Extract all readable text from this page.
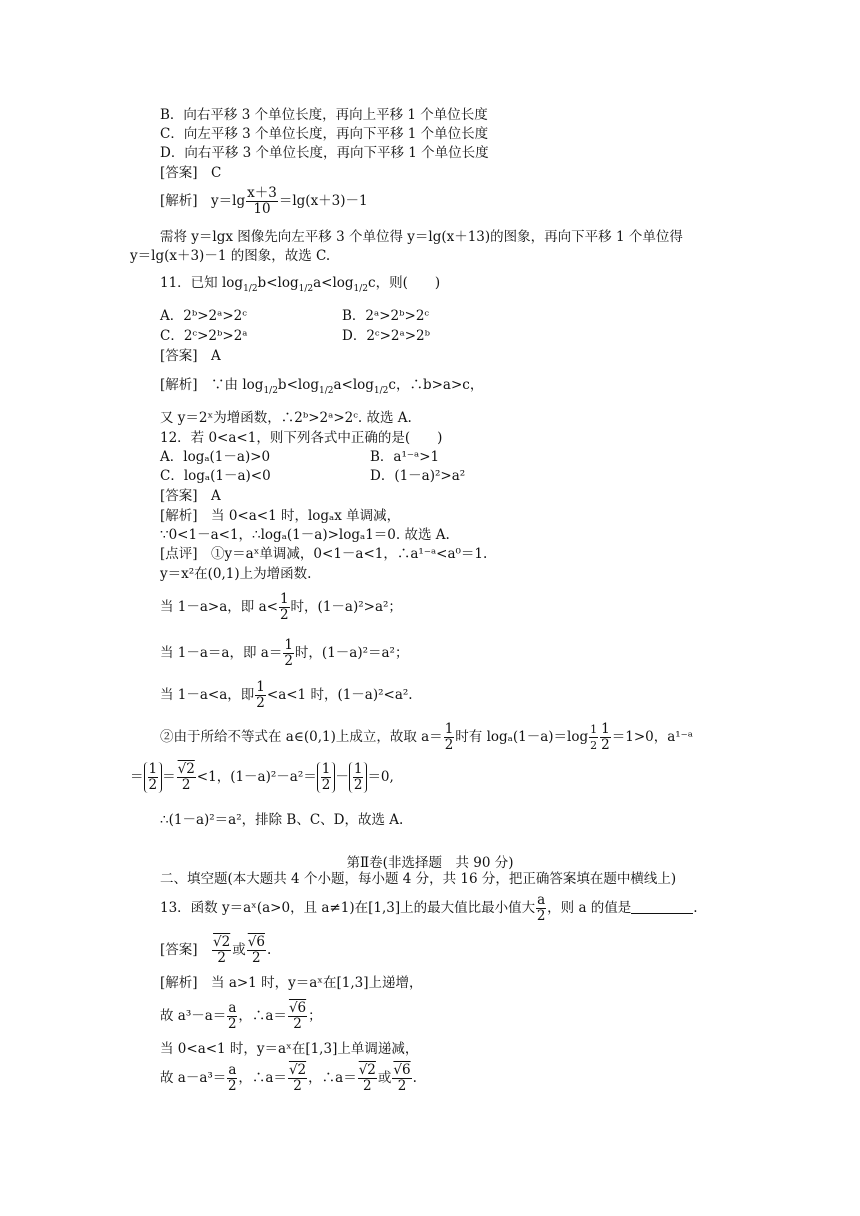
B．向右平移 3 个单位长度，再向上平移 1 个单位长度
C．向左平移 3 个单位长度，再向下平移 1 个单位长度
D．向右平移 3 个单位长度，再向下平移 1 个单位长度
[答案]　 C
[解析]　 $y=\lg \frac{x+3}{10} =\lg(x+3)-1$
需将 y＝lgx 图像先向左平移 3 个单位得 y＝lg(x＋13)的图象，再向下平移 1 个单位得
y＝lg(x＋3)－1 的图象，故选 C.
11．已知 $\log_{1/2}b<\log_{1/2}a<\log_{1/2}c$，则(　　)
A．2ᵇ>2ᵃ>2ᶜ	B．2ᵃ>2ᵇ>2ᶜ
C．2ᶜ>2ᵇ>2ᵃ	D．2ᶜ>2ᵃ>2ᵇ
[答案]　 A
[解析]　 ∵由 $\log_{1/2}b<\log_{1/2}a<\log_{1/2}c$，∴b>a>c，
又 y＝2ˣ为增函数，∴2ᵇ>2ᵃ>2ᶜ. 故选 A.
12．若 0<a<1，则下列各式中正确的是(　　)
A．logₐ(1－a)>0	B．a¹⁻ᵃ>1
C．logₐ(1－a)<0	D．(1－a)²>a²
[答案]　 A
[解析]　当 0<a<1 时，logₐx 单调减，
∵0<1－a<1，∴logₐ(1－a)>logₐ1＝0. 故选 A.
[点评]　①y＝aˣ单调减，0<1－a<1，∴a¹⁻ᵃ<a⁰＝1.
y＝x²在(0,1)上为增函数.
当 1－a>a，即 $a< \frac{1}{2}$ 时，(1－a)²>a²；
当 1－a＝a，即 $a= \frac{1}{2}$ 时，(1－a)²＝a²；
当 1－a<a，即 $\frac{1}{2} <a<1$ 时，(1－a)²<a².
②由于所给不等式在 a∈(0,1)上成立，故取 $a= \frac{1}{2}$ 时有 $\log_a(1-a)=\log \frac{1}{2} \frac{1}{2} =1>0$，a¹⁻ᵃ
＝ $\frac{1}{2} = \frac{√2}{2} <1$，$(1-a)^2-a^2= \frac{1}{2} - \frac{1}{2} =0$,
∴(1－a)²＝a²，排除 B、C、D，故选 A.
第Ⅱ卷(非选择题　共 90 分)
二、填空题(本大题共 4 个小题，每小题 4 分，共 16 分，把正确答案填在题中横线上)
13．函数 y＝aˣ(a>0，且 a≠1)在[1,3]上的最大值比最小值大 $\frac{a}{2}$ ，则 a 的值是	.
[答案]　 $\frac{√2}{2}$ 或 $\frac{√6}{2}$ .
[解析]　当 a>1 时，y＝aˣ在[1,3]上递增，
故 $a^3-a= \frac{a}{2}$ ，∴a＝ $\frac{√6}{2}$ ；
当 0<a<1 时，y＝aˣ在[1,3]上单调递减，
故 $a-a^3= \frac{a}{2}$ ，∴a＝ $\frac{√2}{2}$ ，∴a＝ $\frac{√2}{2}$ 或 $\frac{√6}{2}$ .
